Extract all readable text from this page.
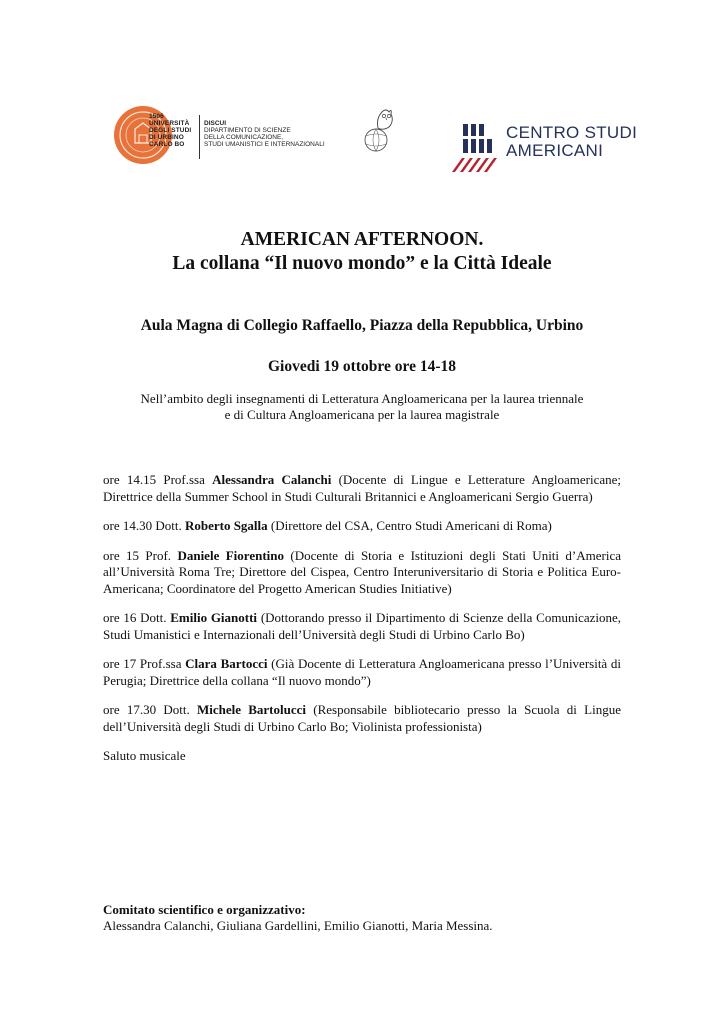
1506
UNIVERSITÀ
DEGLI STUDI
DI URBINO
CARLO BO
DISCUI
DIPARTIMENTO DI SCIENZE
DELLA COMUNICAZIONE,
STUDI UMANISTICI E INTERNAZIONALI
CENTRO STUDI
AMERICANI
AMERICAN AFTERNOON.
La collana “Il nuovo mondo” e la Città Ideale
Aula Magna di Collegio Raffaello, Piazza della Repubblica, Urbino
Giovedi 19 ottobre ore 14-18
Nell’ambito degli insegnamenti di Letteratura Angloamericana per la laurea triennale
e di Cultura Angloamericana per la laurea magistrale

ore 14.15 Prof.ssa Alessandra Calanchi (Docente di Lingue e Letterature Angloamericane; Direttrice della Summer School in Studi Culturali Britannici e Angloamericani Sergio Guerra)

ore 14.30 Dott. Roberto Sgalla (Direttore del CSA, Centro Studi Americani di Roma)

ore 15 Prof. Daniele Fiorentino (Docente di Storia e Istituzioni degli Stati Uniti d’America all’Università Roma Tre; Direttore del Cispea, Centro Interuniversitario di Storia e Politica Euro-Americana; Coordinatore del Progetto American Studies Initiative)

ore 16 Dott. Emilio Gianotti (Dottorando presso il Dipartimento di Scienze della Comunicazione, Studi Umanistici e Internazionali dell’Università degli Studi di Urbino Carlo Bo)

ore 17 Prof.ssa Clara Bartocci (Già Docente di Letteratura Angloamericana presso l’Università di Perugia; Direttrice della collana “Il nuovo mondo”)

ore 17.30 Dott. Michele Bartolucci (Responsabile bibliotecario presso la Scuola di Lingue dell’Università degli Studi di Urbino Carlo Bo; Violinista professionista)

Saluto musicale

Comitato scientifico e organizzativo:
Alessandra Calanchi, Giuliana Gardellini, Emilio Gianotti, Maria Messina.
